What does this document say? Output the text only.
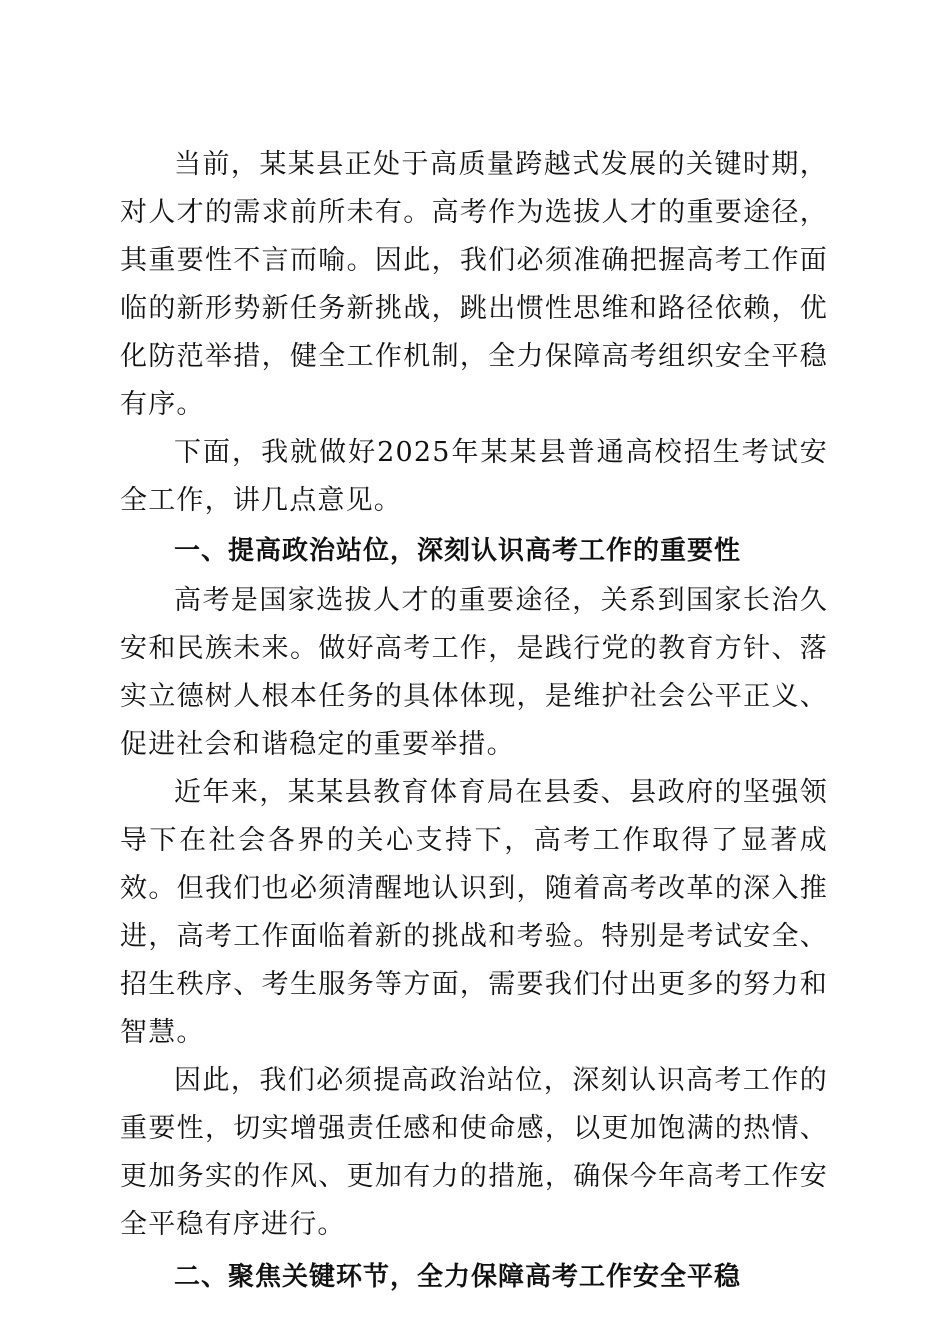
当前，某某县正处于高质量跨越式发展的关键时期，对人才的需求前所未有。高考作为选拔人才的重要途径，其重要性不言而喻。因此，我们必须准确把握高考工作面临的新形势新任务新挑战，跳出惯性思维和路径依赖，优化防范举措，健全工作机制，全力保障高考组织安全平稳有序。

下面，我就做好2025年某某县普通高校招生考试安全工作，讲几点意见。

一、提高政治站位，深刻认识高考工作的重要性

高考是国家选拔人才的重要途径，关系到国家长治久安和民族未来。做好高考工作，是践行党的教育方针、落实立德树人根本任务的具体体现，是维护社会公平正义、促进社会和谐稳定的重要举措。

近年来，某某县教育体育局在县委、县政府的坚强领导下在社会各界的关心支持下，高考工作取得了显著成效。但我们也必须清醒地认识到，随着高考改革的深入推进，高考工作面临着新的挑战和考验。特别是考试安全、招生秩序、考生服务等方面，需要我们付出更多的努力和智慧。

因此，我们必须提高政治站位，深刻认识高考工作的重要性，切实增强责任感和使命感，以更加饱满的热情、更加务实的作风、更加有力的措施，确保今年高考工作安全平稳有序进行。

二、聚焦关键环节，全力保障高考工作安全平稳
